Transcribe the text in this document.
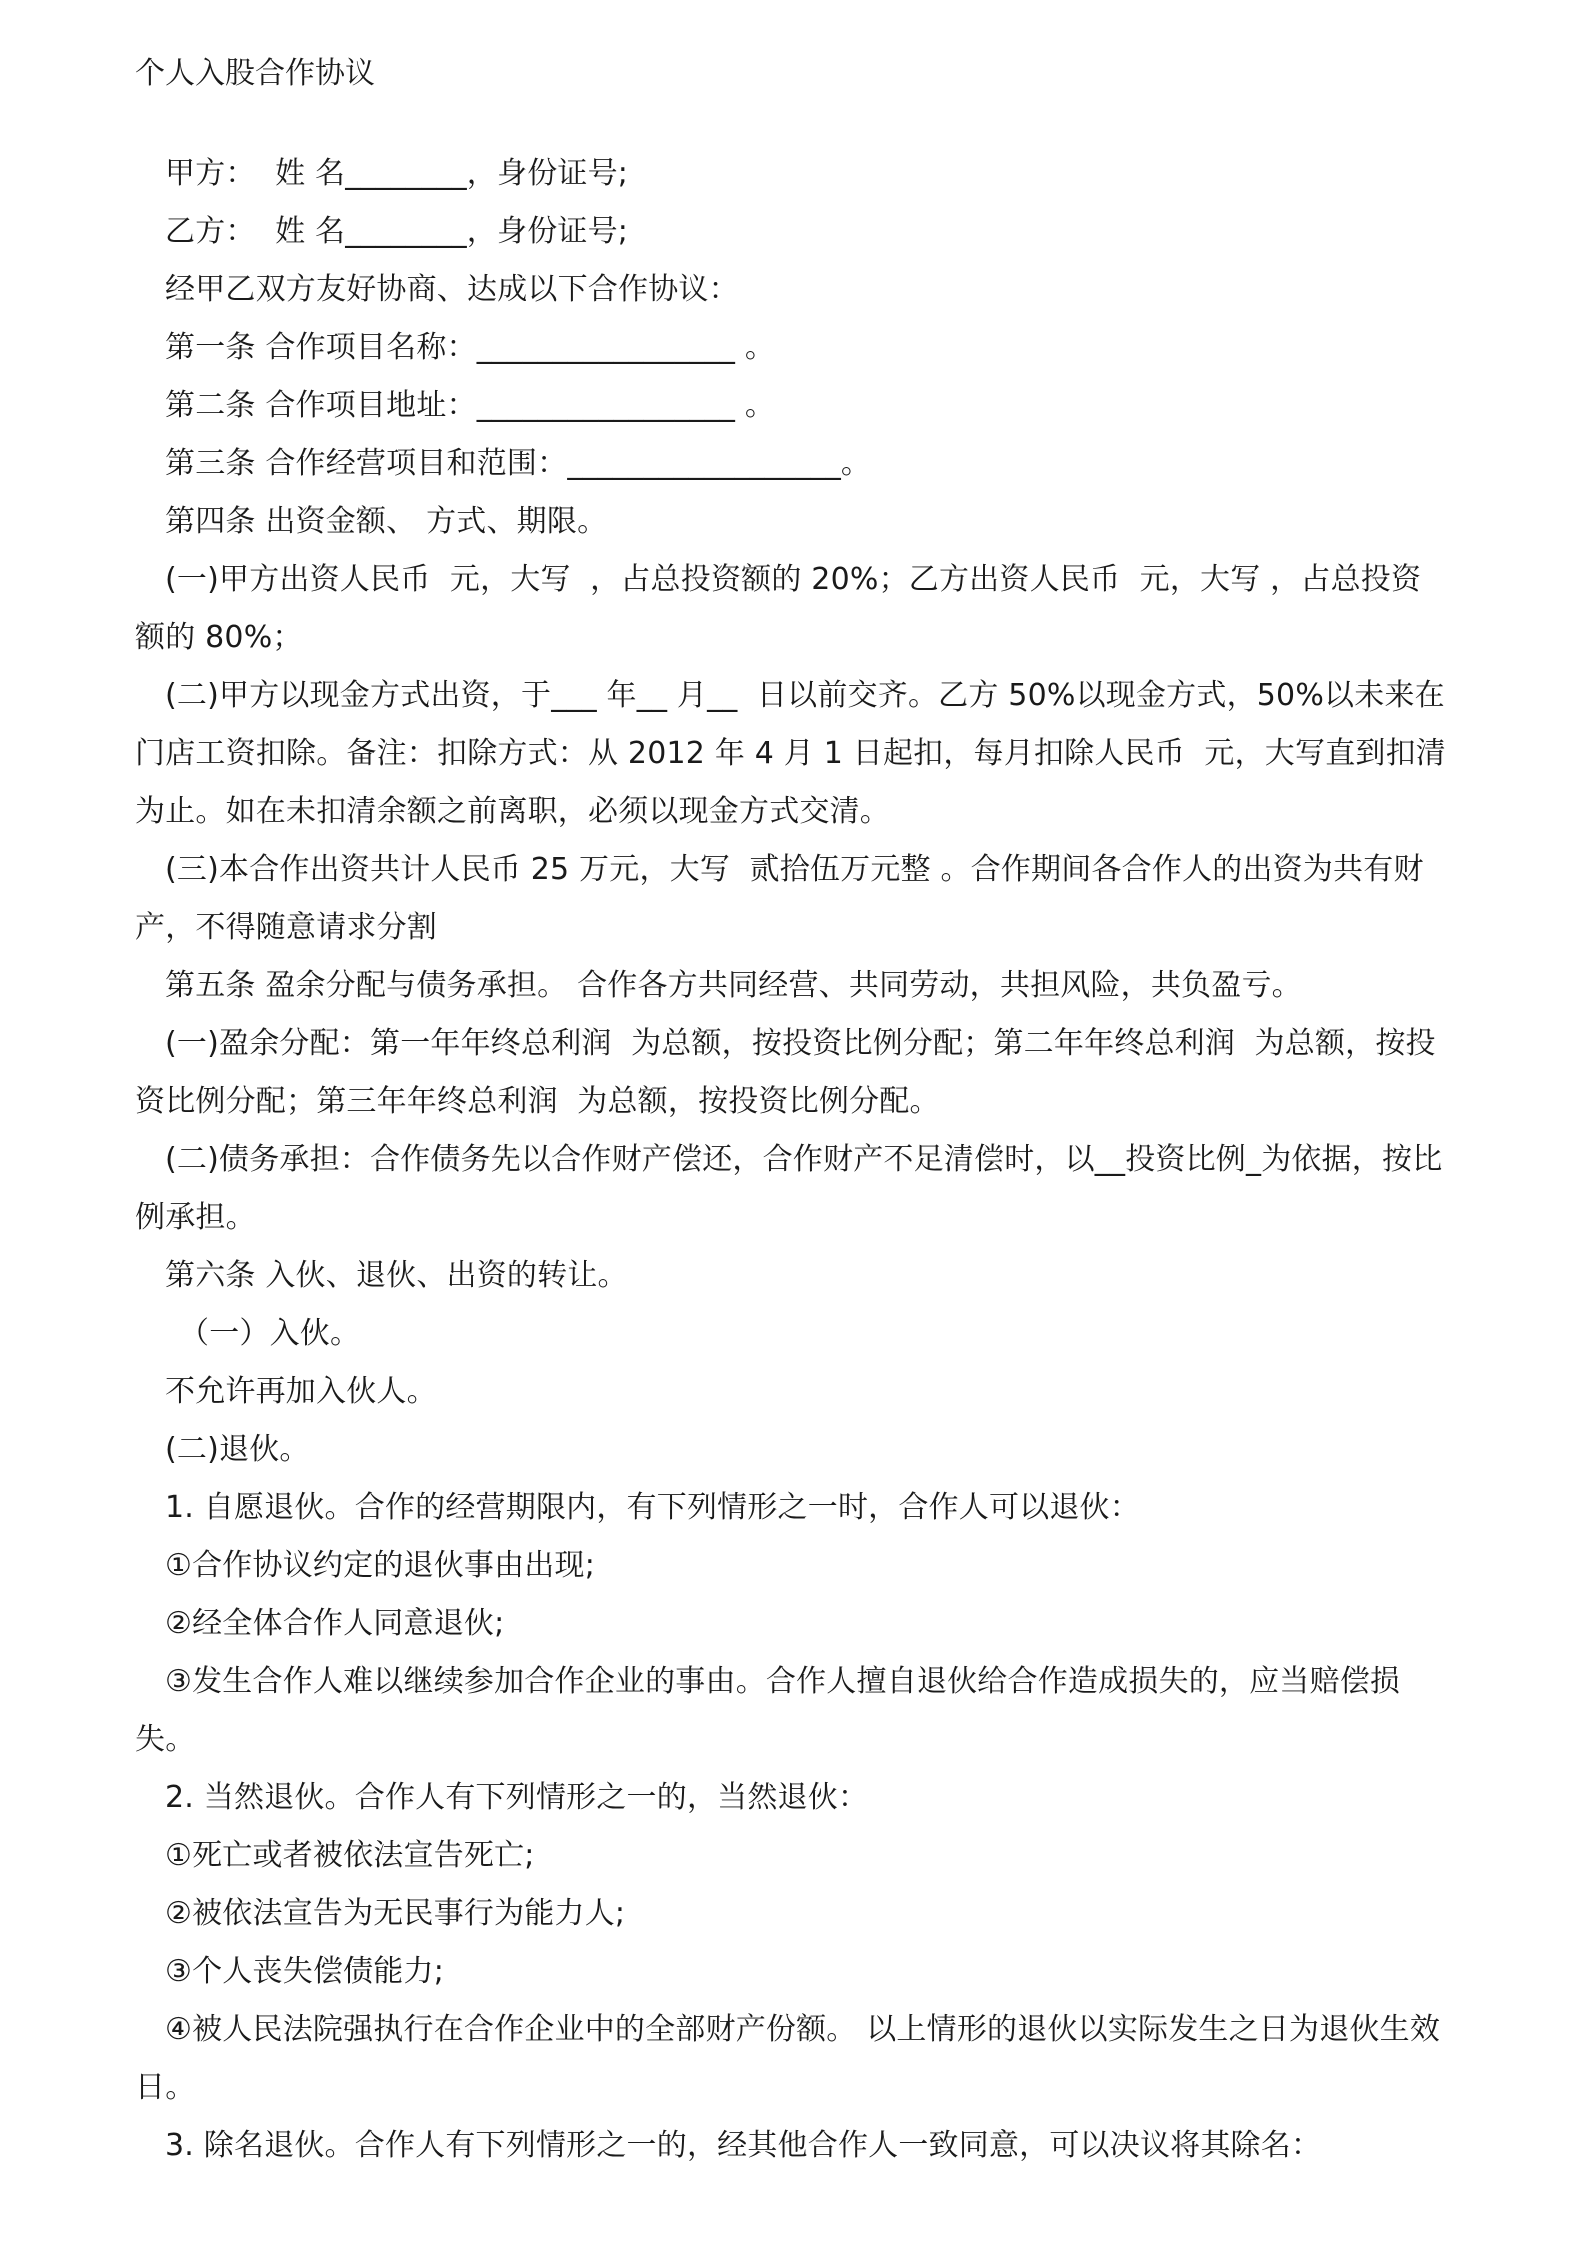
个人入股合作协议

甲方：  姓 名________，身份证号;

乙方：  姓 名________，身份证号;

经甲乙双方友好协商、达成以下合作协议：

第一条 合作项目名称：_________________ 。

第二条 合作项目地址：_________________ 。

第三条 合作经营项目和范围：__________________。

第四条 出资金额、 方式、期限。

(一)甲方出资人民币  元，大写  ，占总投资额的 20%；乙方出资人民币  元，大写 ，占总投资额的 80%；

(二)甲方以现金方式出资，于___ 年__ 月__  日以前交齐。乙方 50%以现金方式，50%以未来在门店工资扣除。备注：扣除方式：从 2012 年 4 月 1 日起扣，每月扣除人民币  元，大写直到扣清为止。如在未扣清余额之前离职，必须以现金方式交清。

(三)本合作出资共计人民币 25 万元，大写  贰拾伍万元整 。合作期间各合作人的出资为共有财产，不得随意请求分割

第五条 盈余分配与债务承担。 合作各方共同经营、共同劳动，共担风险，共负盈亏。

(一)盈余分配：第一年年终总利润  为总额，按投资比例分配；第二年年终总利润  为总额，按投资比例分配；第三年年终总利润  为总额，按投资比例分配。

(二)债务承担：合作债务先以合作财产偿还，合作财产不足清偿时，以__投资比例_为依据，按比例承担。

第六条 入伙、退伙、出资的转让。

（一）入伙。

不允许再加入伙人。

(二)退伙。

1. 自愿退伙。合作的经营期限内，有下列情形之一时，合作人可以退伙：

①合作协议约定的退伙事由出现;

②经全体合作人同意退伙;

③发生合作人难以继续参加合作企业的事由。合作人擅自退伙给合作造成损失的，应当赔偿损失。

2. 当然退伙。合作人有下列情形之一的，当然退伙：

①死亡或者被依法宣告死亡;

②被依法宣告为无民事行为能力人;

③个人丧失偿债能力;

④被人民法院强执行在合作企业中的全部财产份额。 以上情形的退伙以实际发生之日为退伙生效日。

3. 除名退伙。合作人有下列情形之一的，经其他合作人一致同意，可以决议将其除名：
